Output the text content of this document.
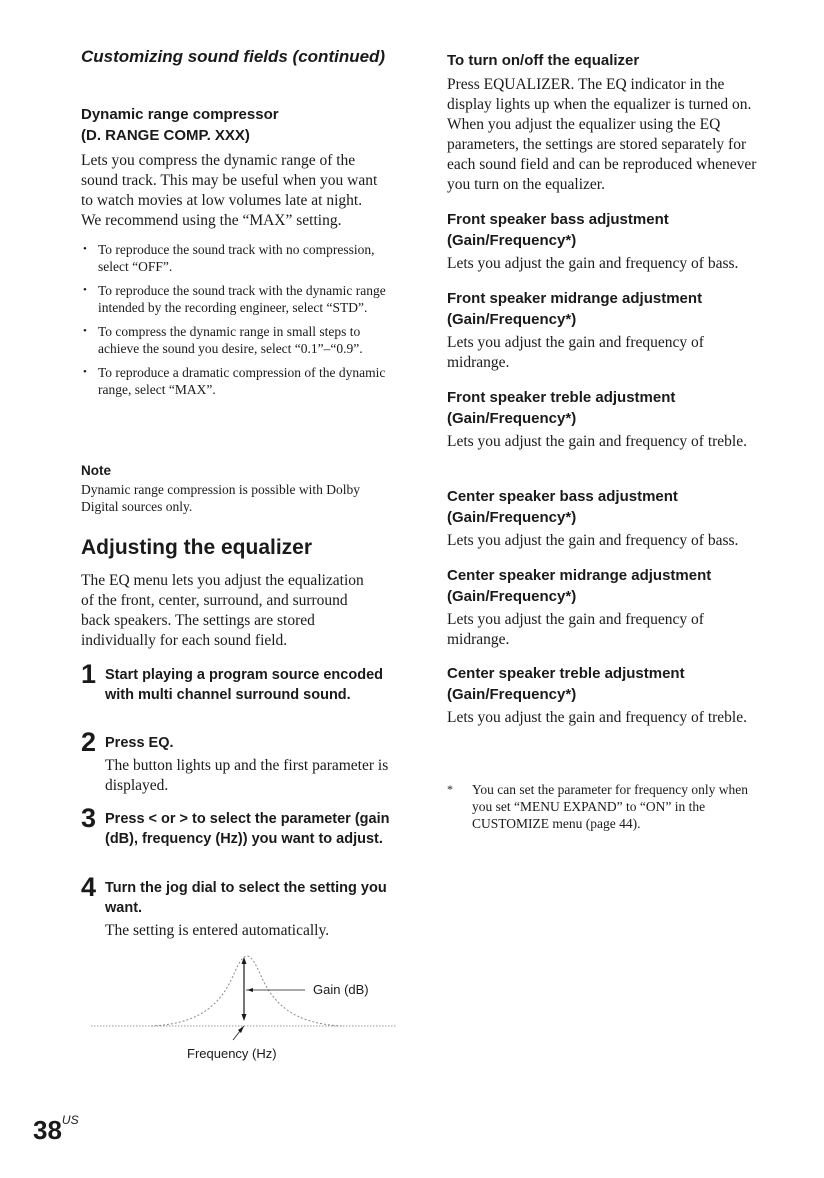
Customizing sound fields (continued)

Dynamic range compressor

(D. RANGE COMP. XXX)

Lets you compress the dynamic range of the

sound track. This may be useful when you want

to watch movies at low volumes late at night.

We recommend using the “MAX” setting.

• To reproduce the sound track with no compression, select “OFF”.
• To reproduce the sound track with the dynamic range intended by the recording engineer, select “STD”.
• To compress the dynamic range in small steps to achieve the sound you desire, select “0.1”–“0.9”.
• To reproduce a dramatic compression of the dynamic range, select “MAX”.

Note

Dynamic range compression is possible with Dolby Digital sources only.

Adjusting the equalizer

The EQ menu lets you adjust the equalization

of the front, center, surround, and surround

back speakers. The settings are stored

individually for each sound field.

1 Start playing a program source encoded with multi channel surround sound.

2 Press EQ.

The button lights up and the first parameter is displayed.

3 Press < or > to select the parameter (gain (dB), frequency (Hz)) you want to adjust.

4 Turn the jog dial to select the setting you want.

The setting is entered automatically.

Gain (dB)
Frequency (Hz)

To turn on/off the equalizer

Press EQUALIZER. The EQ indicator in the display lights up when the equalizer is turned on. When you adjust the equalizer using the EQ parameters, the settings are stored separately for each sound field and can be reproduced whenever you turn on the equalizer.

Front speaker bass adjustment

(Gain/Frequency*)

Lets you adjust the gain and frequency of bass.

Front speaker midrange adjustment

(Gain/Frequency*)

Lets you adjust the gain and frequency of midrange.

Front speaker treble adjustment

(Gain/Frequency*)

Lets you adjust the gain and frequency of treble.

Center speaker bass adjustment

(Gain/Frequency*)

Lets you adjust the gain and frequency of bass.

Center speaker midrange adjustment

(Gain/Frequency*)

Lets you adjust the gain and frequency of midrange.

Center speaker treble adjustment

(Gain/Frequency*)

Lets you adjust the gain and frequency of treble.

*	You can set the parameter for frequency only when you set “MENU EXPAND” to “ON” in the CUSTOMIZE menu (page 44).
$38^{US}$
